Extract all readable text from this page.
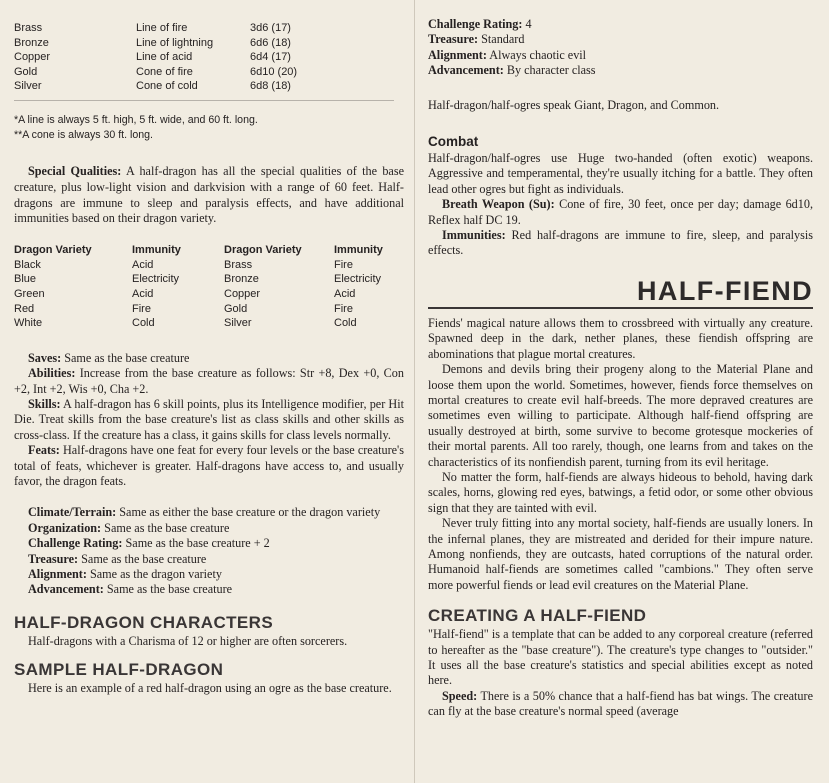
Brass	Line of fire	3d6 (17)
Bronze	Line of lightning	6d6 (18)
Copper	Line of acid	6d4 (17)
Gold	Cone of fire	6d10 (20)
Silver	Cone of cold	6d8 (18)
*A line is always 5 ft. high, 5 ft. wide, and 60 ft. long.
**A cone is always 30 ft. long.

Special Qualities: A half-dragon has all the special qualities of the base creature, plus low-light vision and darkvision with a range of 60 feet. Half-dragons are immune to sleep and paralysis effects, and have additional immunities based on their dragon variety.

Dragon Variety	Immunity	Dragon Variety	Immunity
Black	Acid	Brass	Fire
Blue	Electricity	Bronze	Electricity
Green	Acid	Copper	Acid
Red	Fire	Gold	Fire
White	Cold	Silver	Cold

Saves: Same as the base creature

Abilities: Increase from the base creature as follows: Str +8, Dex +0, Con +2, Int +2, Wis +0, Cha +2.

Skills: A half-dragon has 6 skill points, plus its Intelligence modifier, per Hit Die. Treat skills from the base creature's list as class skills and other skills as cross-class. If the creature has a class, it gains skills for class levels normally.

Feats: Half-dragons have one feat for every four levels or the base creature's total of feats, whichever is greater. Half-dragons have access to, and usually favor, the dragon feats.

Climate/Terrain: Same as either the base creature or the dragon variety

Organization: Same as the base creature

Challenge Rating: Same as the base creature + 2

Treasure: Same as the base creature

Alignment: Same as the dragon variety

Advancement: Same as the base creature

HALF-DRAGON CHARACTERS

Half-dragons with a Charisma of 12 or higher are often sorcerers.

SAMPLE HALF-DRAGON

Here is an example of a red half-dragon using an ogre as the base creature.

Challenge Rating: 4

Treasure: Standard

Alignment: Always chaotic evil

Advancement: By character class

Half-dragon/half-ogres speak Giant, Dragon, and Common.

Combat

Half-dragon/half-ogres use Huge two-handed (often exotic) weapons. Aggressive and temperamental, they're usually itching for a battle. They often lead other ogres but fight as individuals.

Breath Weapon (Su): Cone of fire, 30 feet, once per day; damage 6d10, Reflex half DC 19.

Immunities: Red half-dragons are immune to fire, sleep, and paralysis effects.

HALF-FIEND

Fiends' magical nature allows them to crossbreed with virtually any creature. Spawned deep in the dark, nether planes, these fiendish offspring are abominations that plague mortal creatures.

Demons and devils bring their progeny along to the Material Plane and loose them upon the world. Sometimes, however, fiends force themselves on mortal creatures to create evil half-breeds. The more depraved creatures are sometimes even willing to participate. Although half-fiend offspring are usually destroyed at birth, some survive to become grotesque mockeries of their mortal parents. All too rarely, though, one learns from and takes on the characteristics of its nonfiendish parent, turning from its evil heritage.

No matter the form, half-fiends are always hideous to behold, having dark scales, horns, glowing red eyes, batwings, a fetid odor, or some other obvious sign that they are tainted with evil.

Never truly fitting into any mortal society, half-fiends are usually loners. In the infernal planes, they are mistreated and derided for their impure nature. Among nonfiends, they are outcasts, hated corruptions of the natural order. Humanoid half-fiends are sometimes called "cambions." They often serve more powerful fiends or lead evil creatures on the Material Plane.

CREATING A HALF-FIEND

"Half-fiend" is a template that can be added to any corporeal creature (referred to hereafter as the "base creature"). The creature's type changes to "outsider." It uses all the base creature's statistics and special abilities except as noted here.

Speed: There is a 50% chance that a half-fiend has bat wings. The creature can fly at the base creature's normal speed (average
